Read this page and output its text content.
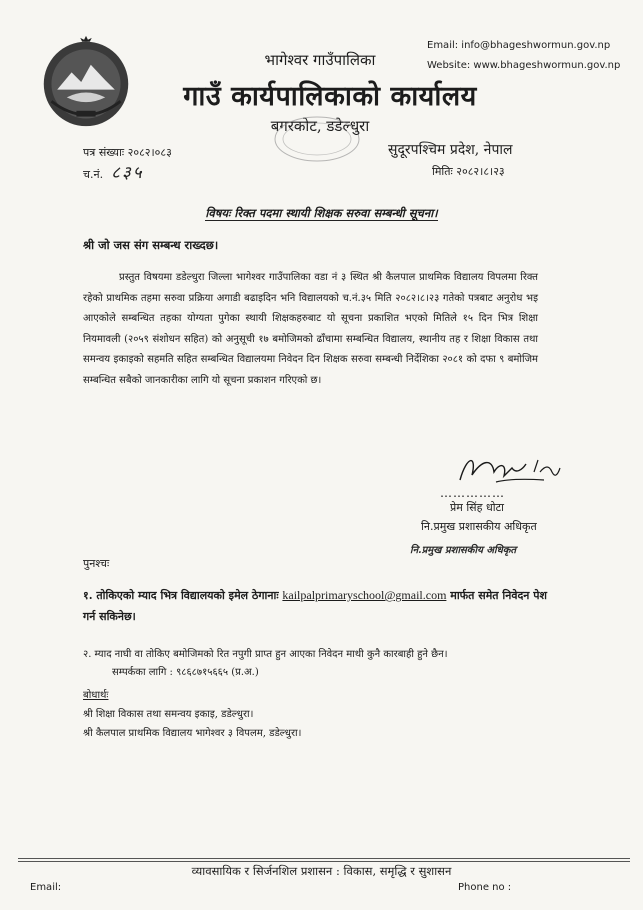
Email: info@bhageshwormun.gov.np
Website: www.bhageshwormun.gov.np
भागेश्वर गाउँपालिका
गाउँ कार्यपालिकाको कार्यालय
बगरकोट, डडेल्धुरा
पत्र संख्याः २०८२।०८३
च.नं. ८३५
सुदूरपश्चिम प्रदेश, नेपाल
मितिः २०८२।८।२३
विषयः रिक्त पदमा स्थायी शिक्षक सरुवा सम्बन्धी सूचना।
श्री जो जस संग सम्बन्ध राख्दछ।
प्रस्तुत विषयमा डडेल्धुरा जिल्ला भागेश्वर गाउँपालिका वडा नं ३ स्थित श्री कैलपाल प्राथमिक विद्यालय विपलमा रिक्त रहेको प्राथमिक तहमा सरुवा प्रक्रिया अगाडी बढाइदिन भनि विद्यालयको च.नं.३५ मिति २०८२।८।२३ गतेको पत्रबाट अनुरोध भइ आएकोले सम्बन्धित तहका योग्यता पुगेका स्थायी शिक्षकहरुबाट यो सूचना प्रकाशित भएको मितिले १५ दिन भित्र शिक्षा नियमावली (२०५९ संशोधन सहित) को अनुसूची १७ बमोजिमको ढाँचामा सम्बन्धित विद्यालय, स्थानीय तह र शिक्षा विकास तथा समन्वय इकाइको सहमति सहित सम्बन्धित विद्यालयमा निवेदन दिन शिक्षक सरुवा सम्बन्धी निर्देशिका २०८१ को दफा ९ बमोजिम सम्बन्धित सबैको जानकारीका लागि यो सूचना प्रकाशन गरिएको छ।
……………
प्रेम सिंह धोटा
नि.प्रमुख प्रशासकीय अधिकृत
नि.प्रमुख प्रशासकीय अधिकृत
पुनश्चः
१. तोकिएको म्याद भित्र विद्यालयको इमेल ठेगानाः kailpalprimaryschool@gmail.com मार्फत समेत निवेदन पेश गर्न सकिनेछ।
२. म्याद नाघी वा तोकिए बमोजिमको रित नपुगी प्राप्त हुन आएका निवेदन माथी कुनै कारबाही हुने छैन।
सम्पर्कका लागि : ९८६८७१५६६५ (प्र.अ.)
बोधार्थः
श्री शिक्षा विकास तथा समन्वय इकाइ, डडेल्धुरा।
श्री कैलपाल प्राथमिक विद्यालय भागेश्वर ३ विपलम, डडेल्धुरा।
व्यावसायिक र सिर्जनशिल प्रशासन : विकास, समृद्धि र सुशासन
Email:	Phone no :
